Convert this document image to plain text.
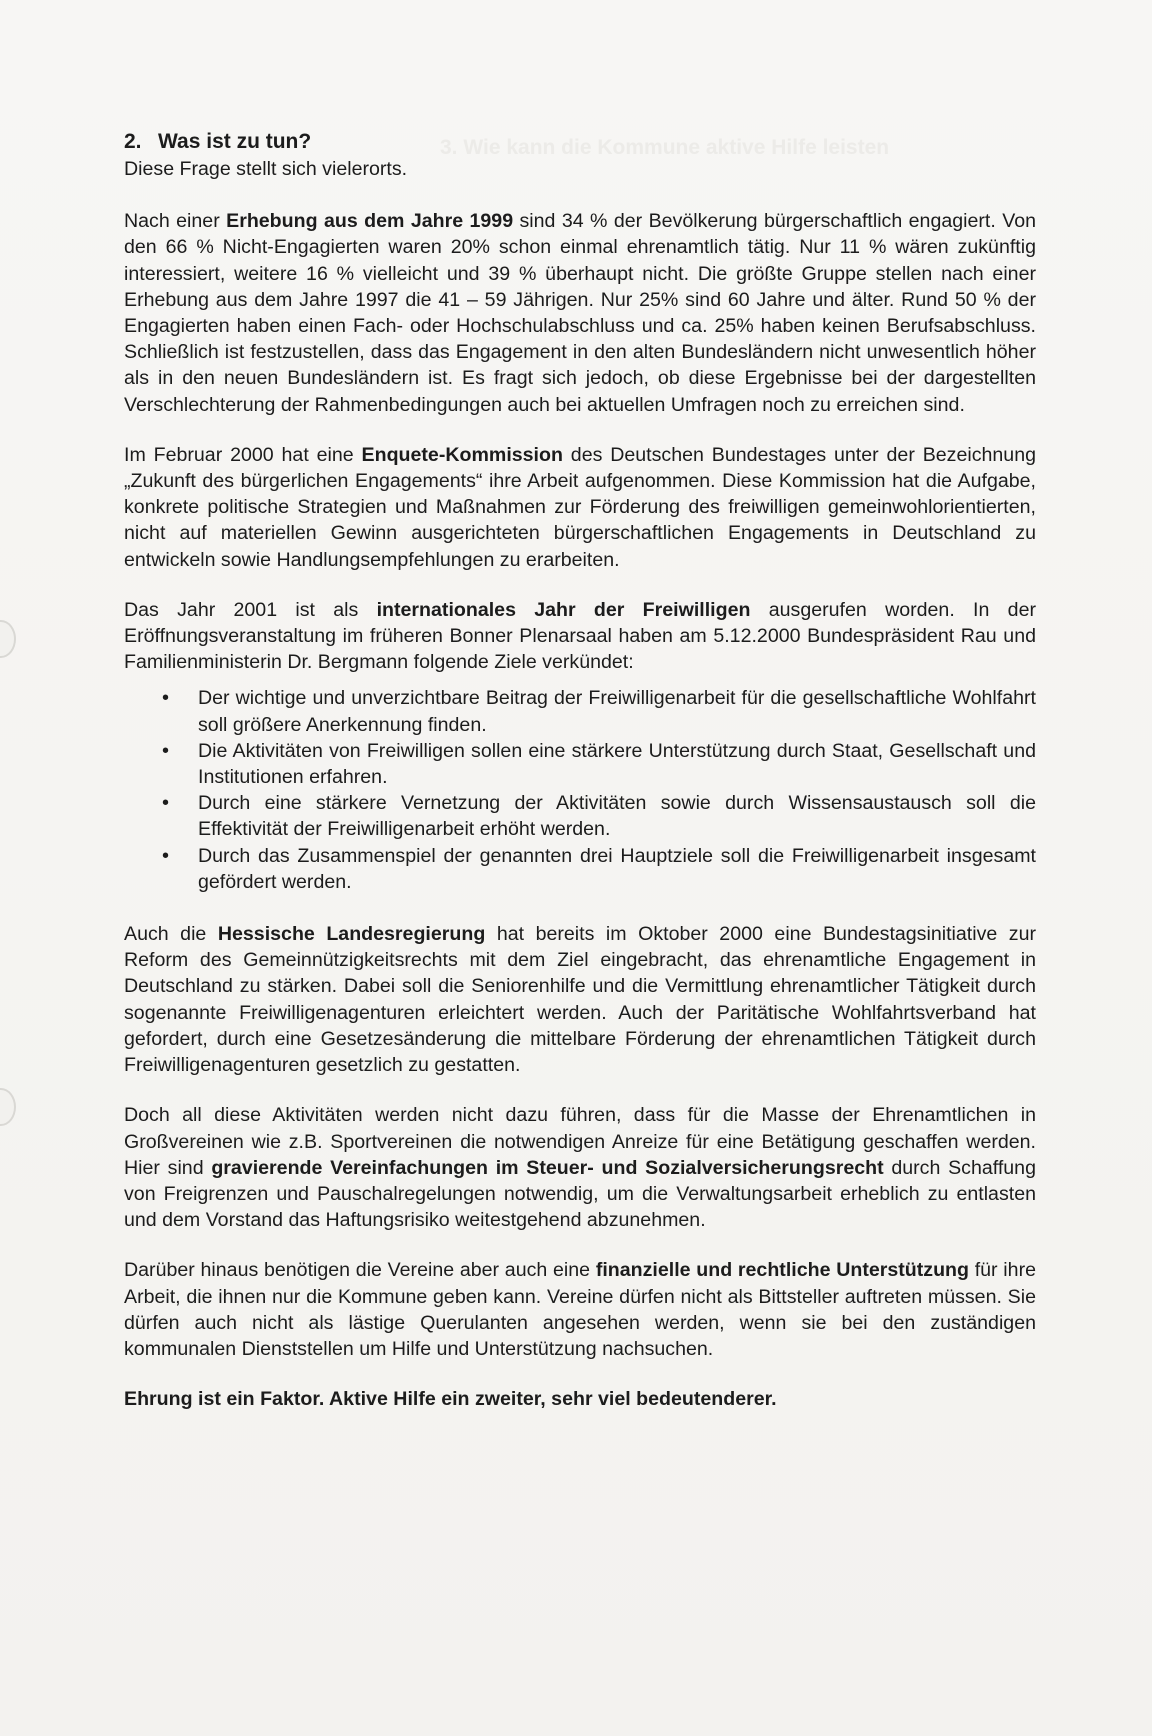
3. Wie kann die Kommune aktive Hilfe leisten
2. Was ist zu tun?

Diese Frage stellt sich vielerorts.

Nach einer Erhebung aus dem Jahre 1999 sind 34 % der Bevölkerung bürgerschaftlich engagiert. Von den 66 % Nicht-Engagierten waren 20% schon einmal ehrenamtlich tätig. Nur 11 % wären zukünftig interessiert, weitere 16 % vielleicht und 39 % überhaupt nicht. Die größte Gruppe stellen nach einer Erhebung aus dem Jahre 1997 die 41 – 59 Jährigen. Nur 25% sind 60 Jahre und älter. Rund 50 % der Engagierten haben einen Fach- oder Hochschulabschluss und ca. 25% haben keinen Berufsabschluss. Schließlich ist festzustellen, dass das Engagement in den alten Bundesländern nicht unwesentlich höher als in den neuen Bundesländern ist. Es fragt sich jedoch, ob diese Ergebnisse bei der dargestellten Verschlechterung der Rahmenbedingungen auch bei aktuellen Umfragen noch zu erreichen sind.

Im Februar 2000 hat eine Enquete-Kommission des Deutschen Bundestages unter der Bezeichnung „Zukunft des bürgerlichen Engagements“ ihre Arbeit aufgenommen. Diese Kommission hat die Aufgabe, konkrete politische Strategien und Maßnahmen zur Förderung des freiwilligen gemeinwohlorientierten, nicht auf materiellen Gewinn ausgerichteten bürgerschaftlichen Engagements in Deutschland zu entwickeln sowie Handlungsempfehlungen zu erarbeiten.

Das Jahr 2001 ist als internationales Jahr der Freiwilligen ausgerufen worden. In der Eröffnungsveranstaltung im früheren Bonner Plenarsaal haben am 5.12.2000 Bundespräsident Rau und Familienministerin Dr. Bergmann folgende Ziele verkündet:

• Der wichtige und unverzichtbare Beitrag der Freiwilligenarbeit für die gesellschaftliche Wohlfahrt soll größere Anerkennung finden.
• Die Aktivitäten von Freiwilligen sollen eine stärkere Unterstützung durch Staat, Gesellschaft und Institutionen erfahren.
• Durch eine stärkere Vernetzung der Aktivitäten sowie durch Wissensaustausch soll die Effektivität der Freiwilligenarbeit erhöht werden.
• Durch das Zusammenspiel der genannten drei Hauptziele soll die Freiwilligenarbeit insgesamt gefördert werden.

Auch die Hessische Landesregierung hat bereits im Oktober 2000 eine Bundestagsinitiative zur Reform des Gemeinnützigkeitsrechts mit dem Ziel eingebracht, das ehrenamtliche Engagement in Deutschland zu stärken. Dabei soll die Seniorenhilfe und die Vermittlung ehrenamtlicher Tätigkeit durch sogenannte Freiwilligenagenturen erleichtert werden. Auch der Paritätische Wohlfahrtsverband hat gefordert, durch eine Gesetzesänderung die mittelbare Förderung der ehrenamtlichen Tätigkeit durch Freiwilligenagenturen gesetzlich zu gestatten.

Doch all diese Aktivitäten werden nicht dazu führen, dass für die Masse der Ehrenamtlichen in Großvereinen wie z.B. Sportvereinen die notwendigen Anreize für eine Betätigung geschaffen werden. Hier sind gravierende Vereinfachungen im Steuer- und Sozialversicherungsrecht durch Schaffung von Freigrenzen und Pauschalregelungen notwendig, um die Verwaltungsarbeit erheblich zu entlasten und dem Vorstand das Haftungsrisiko weitestgehend abzunehmen.

Darüber hinaus benötigen die Vereine aber auch eine finanzielle und rechtliche Unterstützung für ihre Arbeit, die ihnen nur die Kommune geben kann. Vereine dürfen nicht als Bittsteller auftreten müssen. Sie dürfen auch nicht als lästige Querulanten angesehen werden, wenn sie bei den zuständigen kommunalen Dienststellen um Hilfe und Unterstützung nachsuchen.

Ehrung ist ein Faktor. Aktive Hilfe ein zweiter, sehr viel bedeutenderer.
